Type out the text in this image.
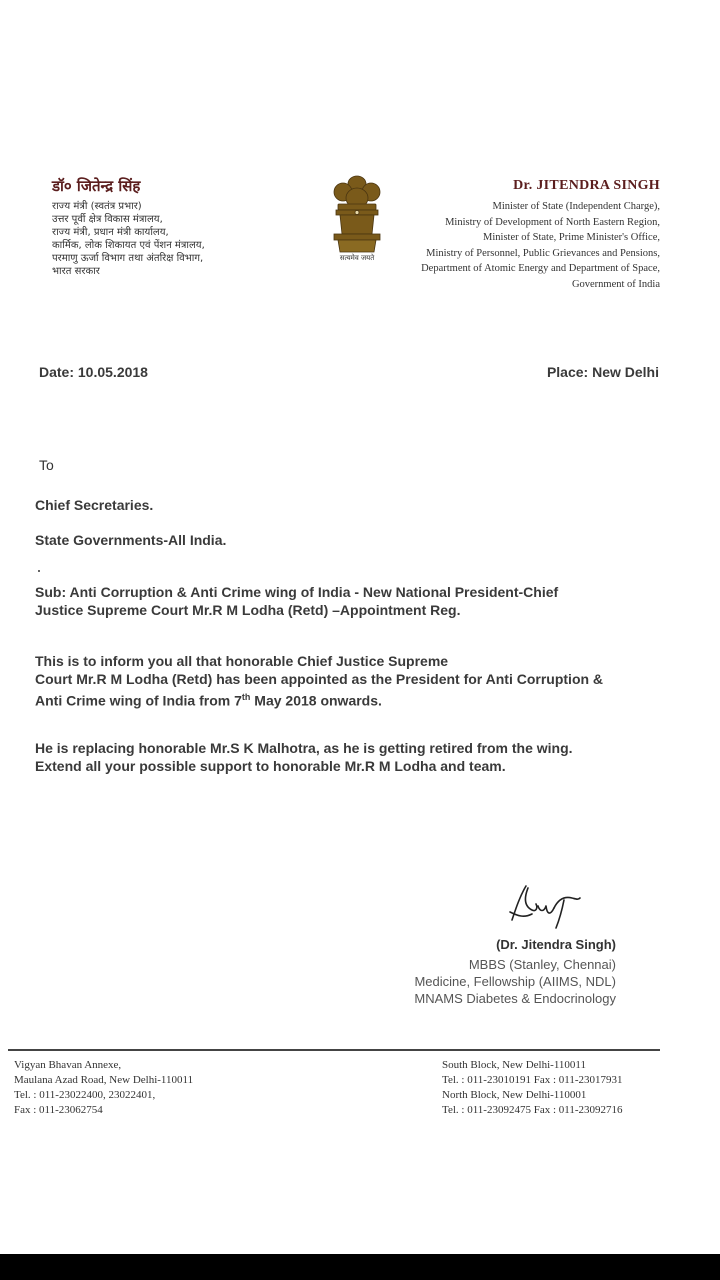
डॉ० जितेन्द्र सिंह

राज्य मंत्री (स्वतंत्र प्रभार)

उत्तर पूर्वी क्षेत्र विकास मंत्रालय,

राज्य मंत्री, प्रधान मंत्री कार्यालय,

कार्मिक, लोक शिकायत एवं पेंशन मंत्रालय,

परमाणु ऊर्जा विभाग तथा अंतरिक्ष विभाग,

भारत सरकार

सत्यमेव जयते

Dr. JITENDRA SINGH

Minister of State (Independent Charge),

Ministry of Development of North Eastern Region,

Minister of State, Prime Minister's Office,

Ministry of Personnel, Public Grievances and Pensions,

Department of Atomic Energy and Department of Space,

Government of India

Date: 10.05.2018	Place: New Delhi
To

Chief Secretaries.

State Governments-All India.

Sub: Anti Corruption & Anti Crime wing of India - New National President-Chief

Justice Supreme Court Mr.R M Lodha (Retd) –Appointment Reg.

This is to inform you all that honorable Chief Justice Supreme

Court Mr.R M Lodha (Retd) has been appointed as the President for Anti Corruption &

Anti Crime wing of India from 7th May 2018 onwards.

He is replacing honorable Mr.S K Malhotra, as he is getting retired from the wing.

Extend all your possible support to honorable Mr.R M Lodha and team.

(Dr. Jitendra Singh)
MBBS (Stanley, Chennai)
Medicine, Fellowship (AIIMS, NDL)
MNAMS Diabetes & Endocrinology

Vigyan Bhavan Annexe,

Maulana Azad Road, New Delhi-110011

Tel. : 011-23022400, 23022401,

Fax : 011-23062754

South Block, New Delhi-110011

Tel. : 011-23010191 Fax : 011-23017931

North Block, New Delhi-110001

Tel. : 011-23092475 Fax : 011-23092716
